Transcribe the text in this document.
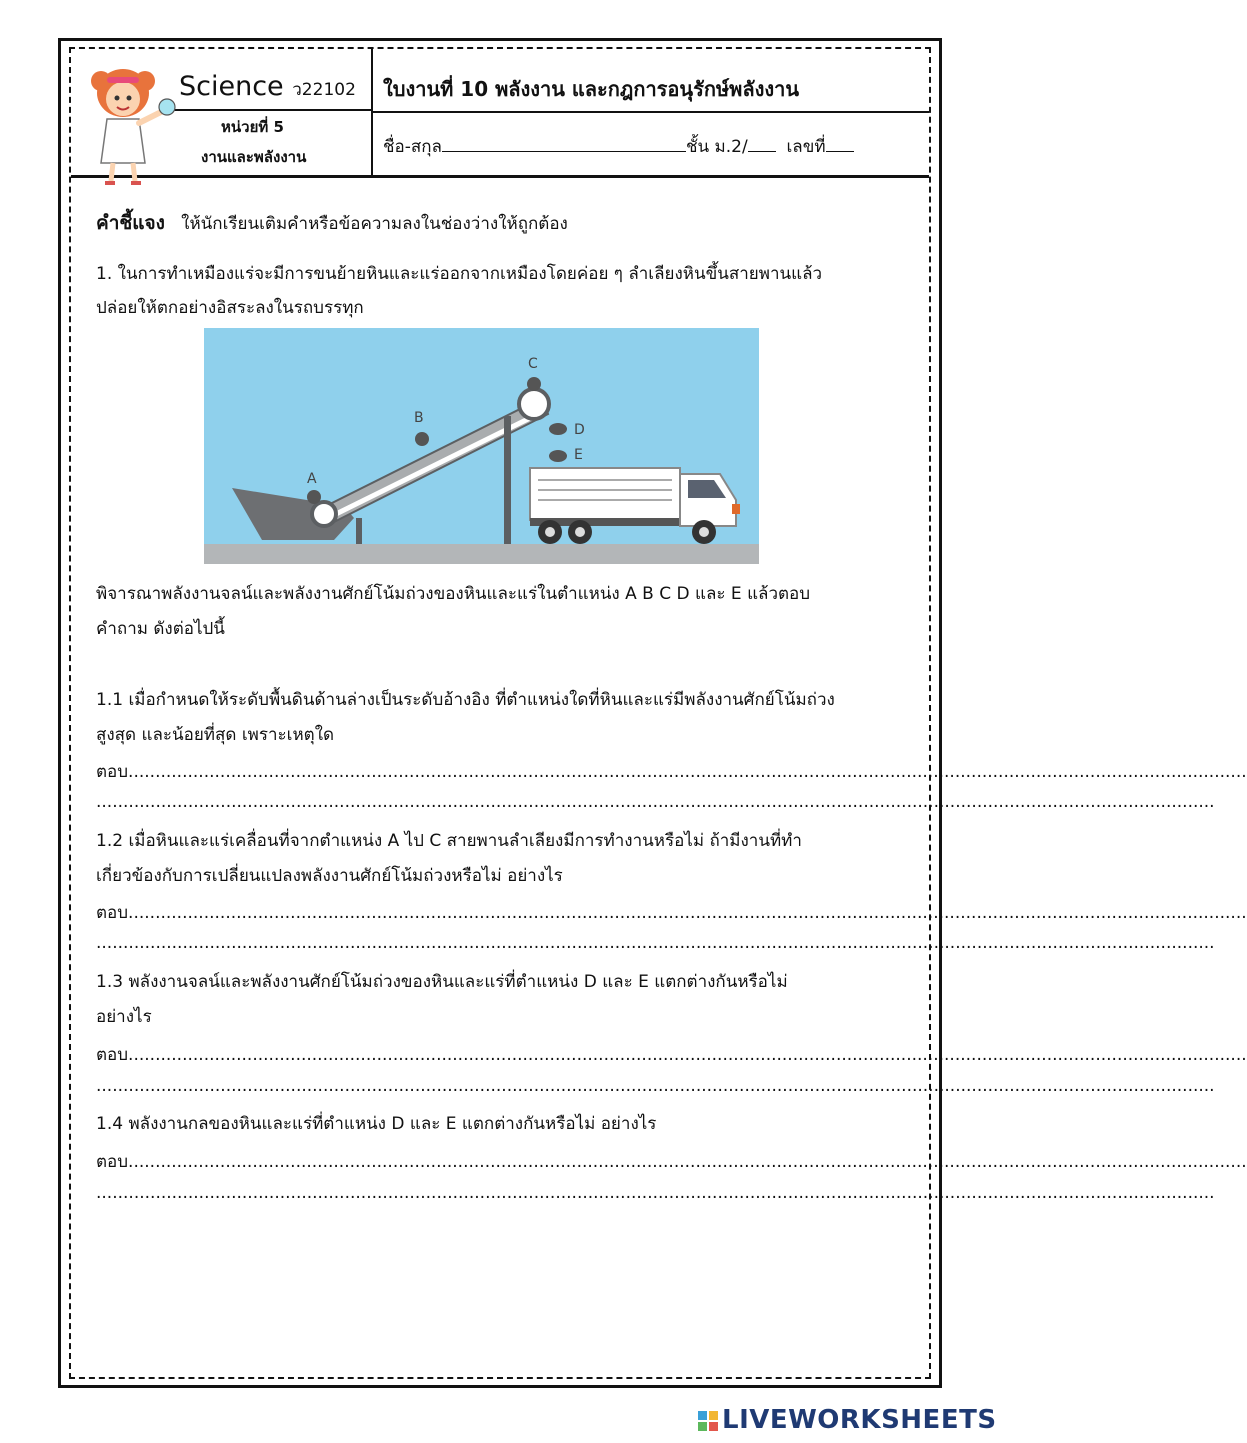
Science ว22102
หน่วยที่ 5
งานและพลังงาน
ใบงานที่ 10 พลังงาน และกฎการอนุรักษ์พลังงาน
ชื่อ-สกุล	ชั้น ม.2/ เลขที่
คำชี้แจง ให้นักเรียนเติมคำหรือข้อความลงในช่องว่างให้ถูกต้อง
1. ในการทำเหมืองแร่จะมีการขนย้ายหินและแร่ออกจากเหมืองโดยค่อย ๆ ลำเลียงหินขึ้นสายพานแล้ว
ปล่อยให้ตกอย่างอิสระลงในรถบรรทุก
A
B
C
D
E
พิจารณาพลังงานจลน์และพลังงานศักย์โน้มถ่วงของหินและแร่ในตำแหน่ง A B C D และ E แล้วตอบ
คำถาม ดังต่อไปนี้
1.1 เมื่อกำหนดให้ระดับพื้นดินด้านล่างเป็นระดับอ้างอิง ที่ตำแหน่งใดที่หินและแร่มีพลังงานศักย์โน้มถ่วง
สูงสุด และน้อยที่สุด เพราะเหตุใด
ตอบ...............................................................................................................................................................................................................
...............................................................................................................................................................................................................
1.2 เมื่อหินและแร่เคลื่อนที่จากตำแหน่ง A ไป C สายพานลำเลียงมีการทำงานหรือไม่ ถ้ามีงานที่ทำ
เกี่ยวข้องกับการเปลี่ยนแปลงพลังงานศักย์โน้มถ่วงหรือไม่ อย่างไร
ตอบ...............................................................................................................................................................................................................
...............................................................................................................................................................................................................
1.3 พลังงานจลน์และพลังงานศักย์โน้มถ่วงของหินและแร่ที่ตำแหน่ง D และ E แตกต่างกันหรือไม่
อย่างไร
ตอบ...............................................................................................................................................................................................................
...............................................................................................................................................................................................................
1.4 พลังงานกลของหินและแร่ที่ตำแหน่ง D และ E แตกต่างกันหรือไม่ อย่างไร
ตอบ...............................................................................................................................................................................................................
...............................................................................................................................................................................................................
LIVEWORKSHEETS
